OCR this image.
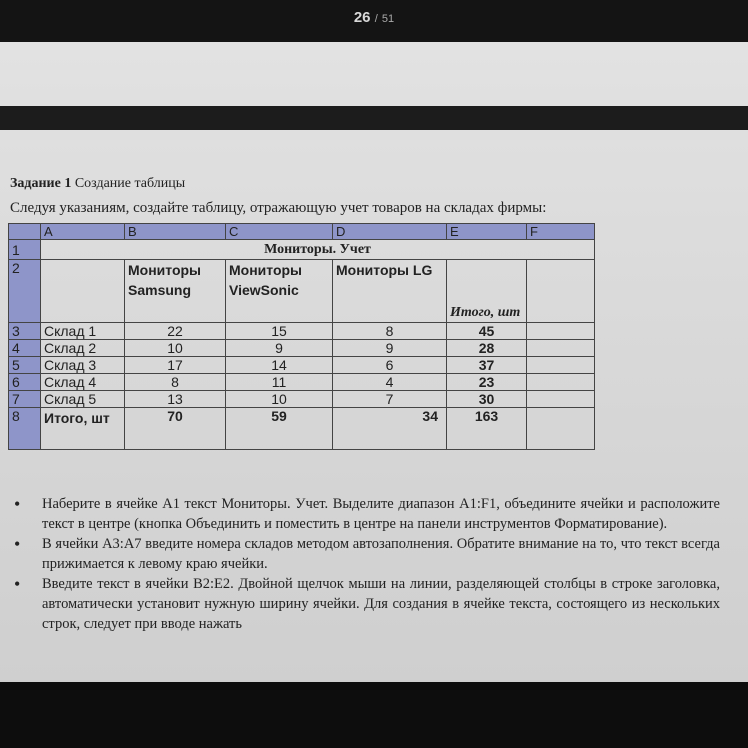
26 / 51
Задание 1 Создание таблицы
Следуя указаниям, создайте таблицу, отражающую учет товаров на складах фирмы:
	A	B	C	D	E	F
1	Мониторы. Учет					
2		Мониторы Samsung	Мониторы ViewSonic	Мониторы LG	Итого, шт	
3	Склад 1	22	15	8	45	
4	Склад 2	10	9	9	28	
5	Склад 3	17	14	6	37	
6	Склад 4	8	11	4	23	
7	Склад 5	13	10	7	30	
8	Итого, шт	70	59	34	163	
• Наберите в ячейке A1 текст Мониторы. Учет. Выделите диапазон A1:F1, объедините ячейки и расположите текст в центре (кнопка Объединить и поместить в центре на панели инструментов Форматирование).
• В ячейки A3:A7 введите номера складов методом автозаполнения. Обратите внимание на то, что текст всегда прижимается к левому краю ячейки.
• Введите текст в ячейки B2:E2. Двойной щелчок мыши на линии, разделяющей столбцы в строке заголовка, автоматически установит нужную ширину ячейки. Для создания в ячейке текста, состоящего из нескольких строк, следует при вводе нажать
